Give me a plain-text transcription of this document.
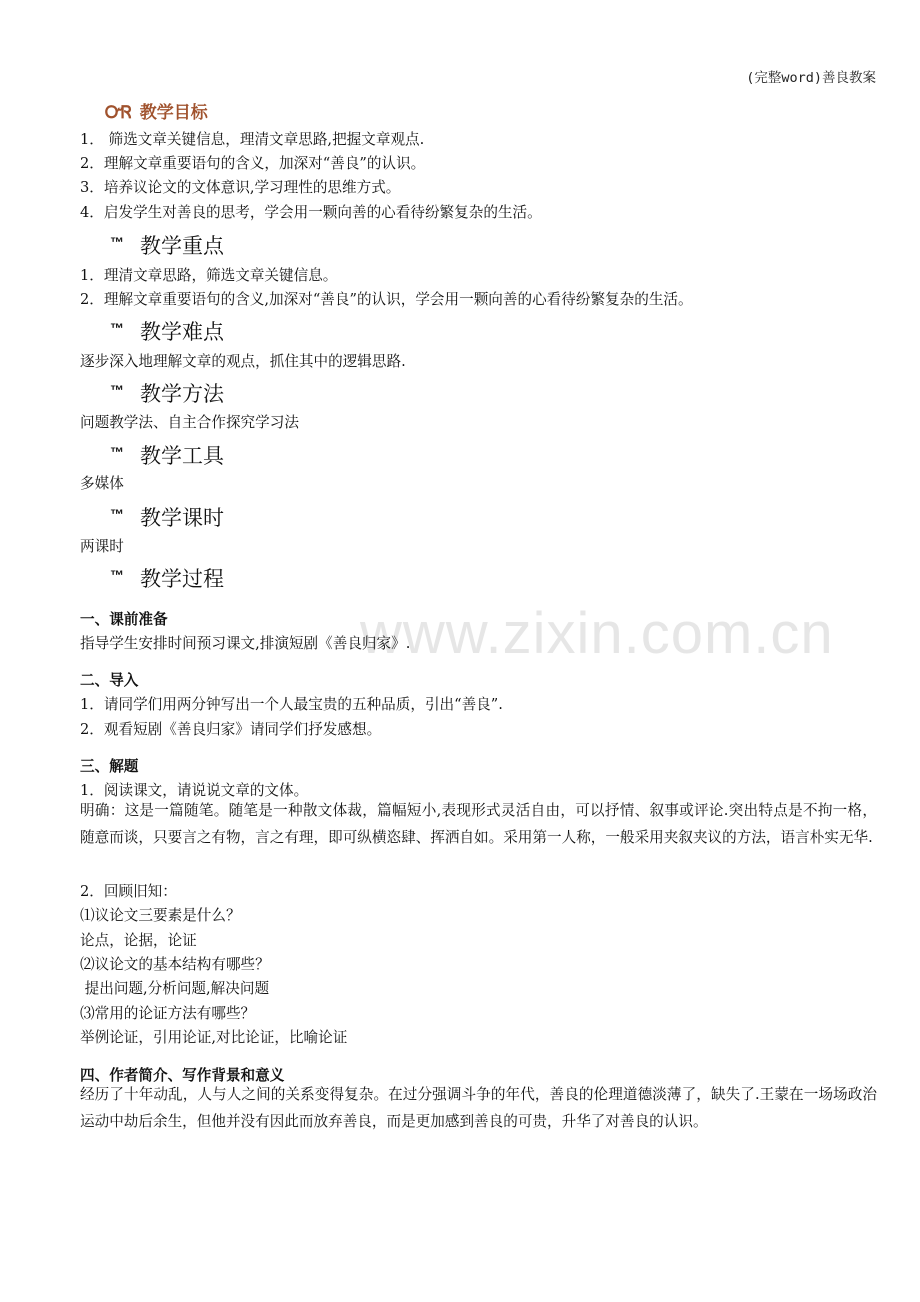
(完整word)善良教案
www.zixin.com.cn
ᏅᏒ 教学目标
1． 筛选文章关键信息，理清文章思路,把握文章观点.
2．理解文章重要语句的含义，加深对“善良”的认识。
3．培养议论文的文体意识,学习理性的思维方式。
4．启发学生对善良的思考，学会用一颗向善的心看待纷繁复杂的生活。
™ 教学重点
1．理清文章思路，筛选文章关键信息。
2．理解文章重要语句的含义,加深对“善良”的认识，学会用一颗向善的心看待纷繁复杂的生活。
™ 教学难点
逐步深入地理解文章的观点，抓住其中的逻辑思路.
™ 教学方法
问题教学法、自主合作探究学习法
™ 教学工具
多媒体
™ 教学课时
两课时
™ 教学过程
一、课前准备
指导学生安排时间预习课文,排演短剧《善良归家》.
二、导入
1．请同学们用两分钟写出一个人最宝贵的五种品质，引出“善良”.
2．观看短剧《善良归家》请同学们抒发感想。
三、解题
1．阅读课文，请说说文章的文体。
明确：这是一篇随笔。随笔是一种散文体裁，篇幅短小,表现形式灵活自由，可以抒情、叙事或评论.突出特点是不拘一格，随意而谈，只要言之有物，言之有理，即可纵横恣肆、挥洒自如。采用第一人称，一般采用夹叙夹议的方法，语言朴实无华.
2．回顾旧知：
⑴议论文三要素是什么？
论点，论据，论证
⑵议论文的基本结构有哪些？
提出问题,分析问题,解决问题
⑶常用的论证方法有哪些？
举例论证，引用论证,对比论证，比喻论证
四、作者简介、写作背景和意义
经历了十年动乱，人与人之间的关系变得复杂。在过分强调斗争的年代，善良的伦理道德淡薄了，缺失了.王蒙在一场场政治运动中劫后余生，但他并没有因此而放弃善良，而是更加感到善良的可贵，升华了对善良的认识。
